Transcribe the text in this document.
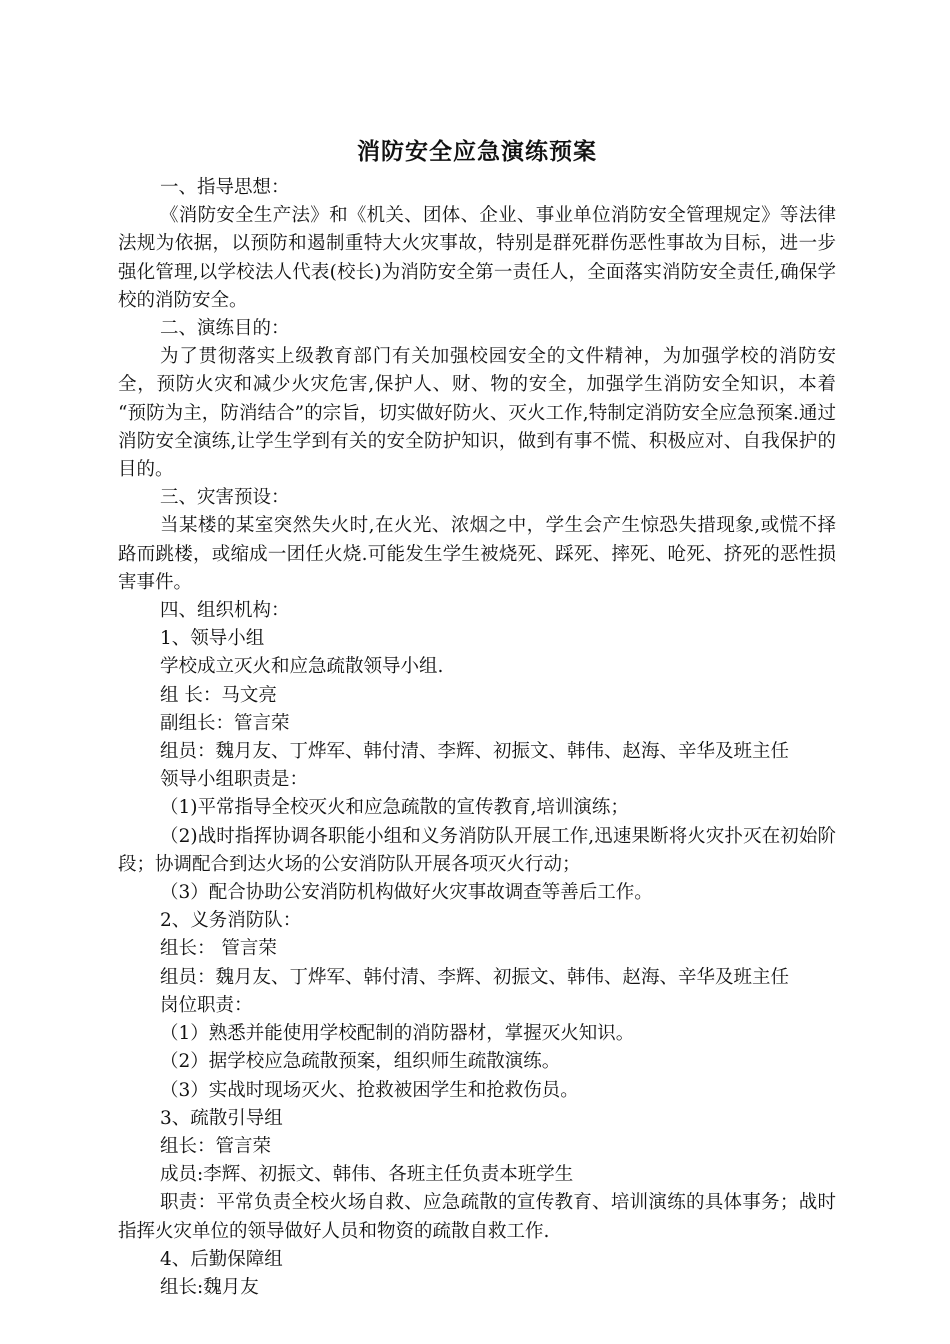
消防安全应急演练预案

一、指导思想：

《消防安全生产法》和《机关、团体、企业、事业单位消防安全管理规定》等法律法规为依据，以预防和遏制重特大火灾事故，特别是群死群伤恶性事故为目标，进一步强化管理,以学校法人代表(校长)为消防安全第一责任人，全面落实消防安全责任,确保学校的消防安全。

二、演练目的：

为了贯彻落实上级教育部门有关加强校园安全的文件精神，为加强学校的消防安全，预防火灾和减少火灾危害,保护人、财、物的安全，加强学生消防安全知识，本着 “预防为主，防消结合”的宗旨，切实做好防火、灭火工作,特制定消防安全应急预案.通过消防安全演练,让学生学到有关的安全防护知识，做到有事不慌、积极应对、自我保护的目的。

三、灾害预设：

当某楼的某室突然失火时,在火光、浓烟之中，学生会产生惊恐失措现象,或慌不择路而跳楼，或缩成一团任火烧.可能发生学生被烧死、踩死、摔死、呛死、挤死的恶性损害事件。

四、组织机构：

1、领导小组

学校成立灭火和应急疏散领导小组.

组 长：马文亮

副组长：管言荣

组员：魏月友、丁烨军、韩付清、李辉、初振文、韩伟、赵海、辛华及班主任

领导小组职责是：

（1)平常指导全校灭火和应急疏散的宣传教育,培训演练；

（2)战时指挥协调各职能小组和义务消防队开展工作,迅速果断将火灾扑灭在初始阶段；协调配合到达火场的公安消防队开展各项灭火行动；

（3）配合协助公安消防机构做好火灾事故调查等善后工作。

2、义务消防队：

组长： 管言荣

组员：魏月友、丁烨军、韩付清、李辉、初振文、韩伟、赵海、辛华及班主任

岗位职责：

（1）熟悉并能使用学校配制的消防器材，掌握灭火知识。

（2）据学校应急疏散预案，组织师生疏散演练。

（3）实战时现场灭火、抢救被困学生和抢救伤员。

3、疏散引导组

组长：管言荣

成员:李辉、初振文、韩伟、各班主任负责本班学生

职责：平常负责全校火场自救、应急疏散的宣传教育、培训演练的具体事务；战时指挥火灾单位的领导做好人员和物资的疏散自救工作.

4、后勤保障组

组长:魏月友
